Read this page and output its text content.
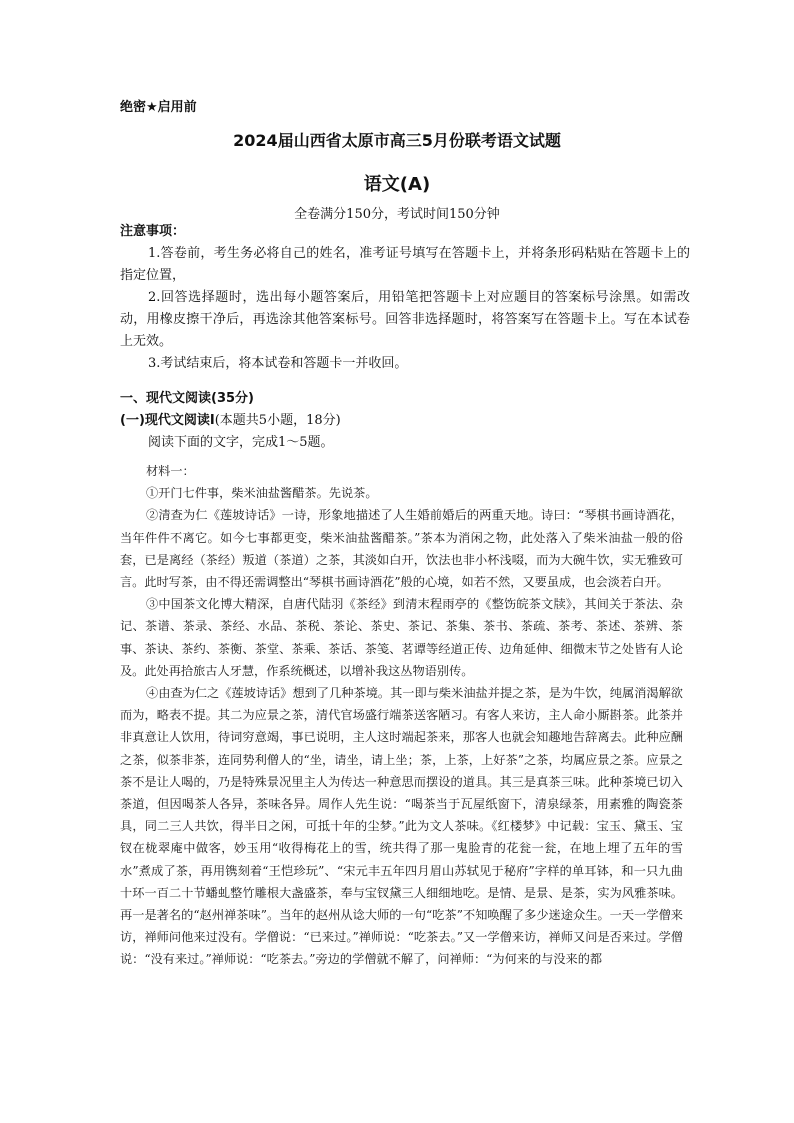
绝密★启用前
2024届山西省太原市高三5月份联考语文试题
语文(A)
全卷满分150分，考试时间150分钟
注意事项：

1.答卷前，考生务必将自己的姓名，准考证号填写在答题卡上，并将条形码粘贴在答题卡上的指定位置，

2.回答选择题时，选出每小题答案后，用铅笔把答题卡上对应题目的答案标号涂黑。如需改动，用橡皮擦干净后，再选涂其他答案标号。回答非选择题时，将答案写在答题卡上。写在本试卷上无效。

3.考试结束后，将本试卷和答题卡一并收回。

一、现代文阅读(35分)
(一)现代文阅读Ⅰ(本题共5小题，18分)
阅读下面的文字，完成1～5题。

材料一：

①开门七件事，柴米油盐酱醋茶。先说茶。

②清查为仁《莲坡诗话》一诗，形象地描述了人生婚前婚后的两重天地。诗曰：“琴棋书画诗酒花，当年件件不离它。如今七事都更变，柴米油盐酱醋茶。”茶本为消闲之物，此处落入了柴米油盐一般的俗套，已是离经（茶经）叛道（茶道）之茶，其淡如白开，饮法也非小杯浅啜，而为大碗牛饮，实无雅致可言。此时写茶，由不得还需调整出“琴棋书画诗酒花”般的心境，如若不然，又要虽成，也会淡若白开。

③中国茶文化博大精深，自唐代陆羽《茶经》到清末程雨亭的《整饬皖茶文牍》，其间关于茶法、杂记、茶谱、茶录、茶经、水品、茶税、茶论、茶史、茶记、茶集、茶书、茶疏、茶考、茶述、茶辨、茶事、茶诀、茶约、茶衡、茶堂、茶乘、茶话、茶笺、茗谭等经道正传、边角延伸、细微末节之处皆有人论及。此处再拾旅古人牙慧，作系统概述，以增补我这丛物语别传。

④由查为仁之《莲坡诗话》想到了几种茶境。其一即与柴米油盐并提之茶，是为牛饮，纯属消渴解欲而为，略表不提。其二为应景之茶，清代官场盛行端茶送客陋习。有客人来访，主人命小厮斟茶。此茶并非真意让人饮用，待词穷意竭，事已说明，主人这时端起茶来，那客人也就会知趣地告辞离去。此种应酬之茶，似茶非茶，连同势利僧人的“坐，请坐，请上坐；茶，上茶，上好茶”之茶，均属应景之茶。应景之茶不是让人喝的，乃是特殊景况里主人为传达一种意思而摆设的道具。其三是真茶三味。此种茶境已切入茶道，但因喝茶人各异，茶味各异。周作人先生说：“喝茶当于瓦屋纸窗下，清泉绿茶，用素雅的陶瓷茶具，同二三人共饮，得半日之闲，可抵十年的尘梦。”此为文人茶味。《红楼梦》中记载：宝玉、黛玉、宝钗在栊翠庵中做客，妙玉用“收得梅花上的雪，统共得了那一鬼脸青的花瓮一瓮，在地上埋了五年的雪水”煮成了茶，再用镌刻着“王恺珍玩”、“宋元丰五年四月眉山苏轼见于秘府”字样的单耳钵，和一只九曲十环一百二十节蟠虬整竹雕根大盏盛茶，奉与宝钗黛三人细细地吃。是情、是景、是茶，实为风雅茶味。再一是著名的“赵州禅茶味”。当年的赵州从谂大师的一句“吃茶”不知唤醒了多少迷途众生。一天一学僧来访，禅师问他来过没有。学僧说：“已来过。”禅师说：“吃茶去。”又一学僧来访，禅师又问是否来过。学僧说：“没有来过。”禅师说：“吃茶去。”旁边的学僧就不解了，问禅师：“为何来的与没来的都
